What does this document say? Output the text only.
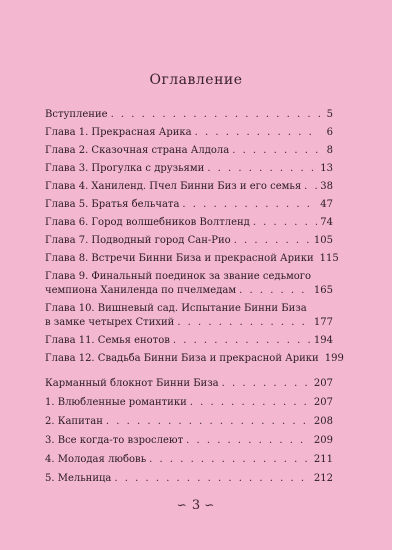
Оглавление
Вступление . . .	5
Глава 1. Прекрасная Арика . . .	6
Глава 2. Сказочная страна Алдола . . .	8
Глава 3. Прогулка с друзьями . . .	13
Глава 4. Ханиленд. Пчел Бинни Биз и его семья . . . 38
Глава 5. Братья бельчата . . .	47
Глава 6. Город волшебников Волтленд . . .	74
Глава 7. Подводный город Сан-Рио . . .	105
Глава 8. Встречи Бинни Биза и прекрасной Арики 115
Глава 9. Финальный поединок за звание седьмого
чемпиона Ханиленда по пчелмедам . . .	165
Глава 10. Вишневый сад. Испытание Бинни Биза
в замке четырех Стихий . . .	177
Глава 11. Семья енотов . . .	194
Глава 12. Свадьба Бинни Биза и прекрасной Арики 199
Карманный блокнот Бинни Биза . . .	207
1. Влюбленные романтики . . .	207
2. Капитан . . .	208
3. Все когда-то взрослеют . . .	209
4. Молодая любовь . . .	211
5. Мельница . . .	212
∽ 3 ∽
